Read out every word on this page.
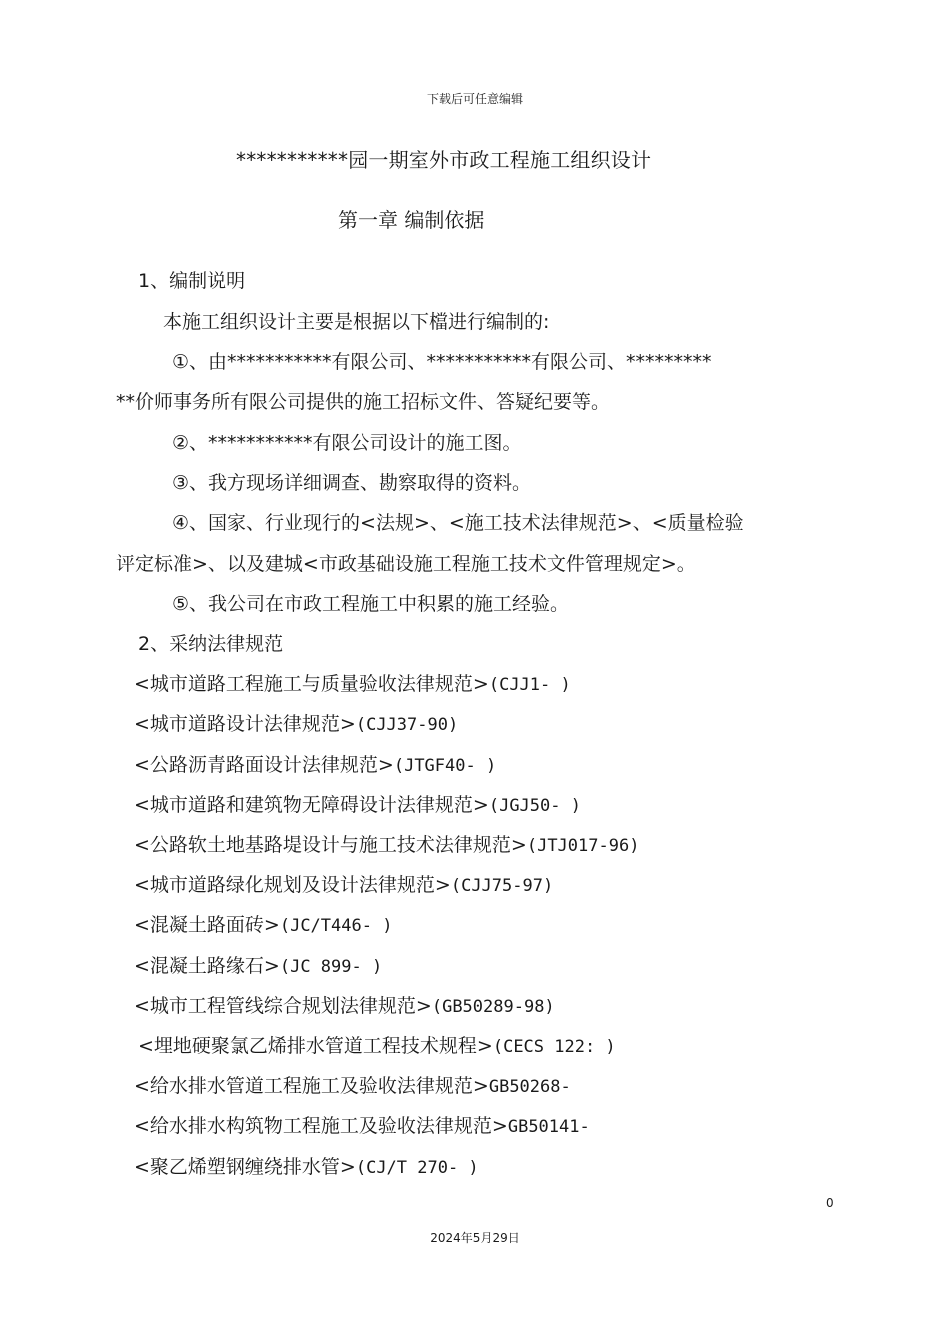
下载后可任意编辑
***********园一期室外市政工程施工组织设计
第一章 编制依据
1、编制说明
本施工组织设计主要是根据以下檔进行编制的:
①、由***********有限公司、***********有限公司、*********
**价师事务所有限公司提供的施工招标文件、答疑纪要等。
②、***********有限公司设计的施工图。
③、我方现场详细调查、勘察取得的资料。
④、国家、行业现行的<法规>、<施工技术法律规范>、<质量检验
评定标准>、以及建城<市政基础设施工程施工技术文件管理规定>。
⑤、我公司在市政工程施工中积累的施工经验。
2、采纳法律规范
<城市道路工程施工与质量验收法律规范>(CJJ1- )
<城市道路设计法律规范>(CJJ37-90)
<公路沥青路面设计法律规范>(JTGF40- )
<城市道路和建筑物无障碍设计法律规范>(JGJ50- )
<公路软土地基路堤设计与施工技术法律规范>(JTJ017-96)
<城市道路绿化规划及设计法律规范>(CJJ75-97)
<混凝土路面砖>(JC/T446- )
<混凝土路缘石>(JC 899- )
<城市工程管线综合规划法律规范>(GB50289-98)
<埋地硬聚氯乙烯排水管道工程技术规程>(CECS 122: )
<给水排水管道工程施工及验收法律规范>GB50268-
<给水排水构筑物工程施工及验收法律规范>GB50141-
<聚乙烯塑钢缠绕排水管>(CJ/T 270- )
0
2024年5月29日
